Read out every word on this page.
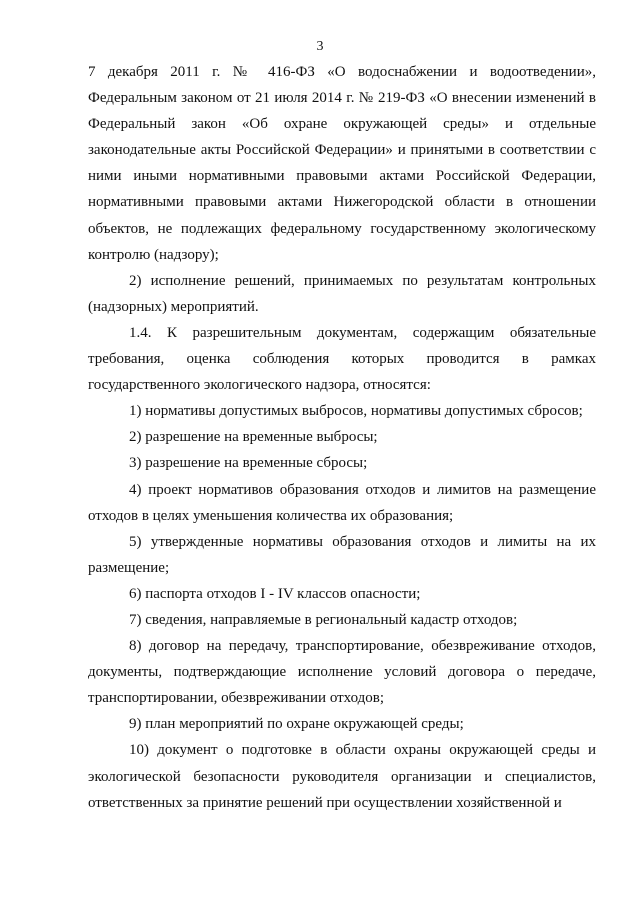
3

7 декабря 2011 г. № 416-ФЗ «О водоснабжении и водоотведении», Федеральным законом от 21 июля 2014 г. № 219-ФЗ «О внесении изменений в Федеральный закон «Об охране окружающей среды» и отдельные законодательные акты Российской Федерации» и принятыми в соответствии с ними иными нормативными правовыми актами Российской Федерации, нормативными правовыми актами Нижегородской области в отношении объектов, не подлежащих федеральному государственному экологическому контролю (надзору);

2) исполнение решений, принимаемых по результатам контрольных (надзорных) мероприятий.

1.4. К разрешительным документам, содержащим обязательные требования, оценка соблюдения которых проводится в рамках государственного экологического надзора, относятся:

1) нормативы допустимых выбросов, нормативы допустимых сбросов;

2) разрешение на временные выбросы;

3) разрешение на временные сбросы;

4) проект нормативов образования отходов и лимитов на размещение отходов в целях уменьшения количества их образования;

5) утвержденные нормативы образования отходов и лимиты на их размещение;

6) паспорта отходов I - IV классов опасности;

7) сведения, направляемые в региональный кадастр отходов;

8) договор на передачу, транспортирование, обезвреживание отходов, документы, подтверждающие исполнение условий договора о передаче, транспортировании, обезвреживании отходов;

9) план мероприятий по охране окружающей среды;

10) документ о подготовке в области охраны окружающей среды и экологической безопасности руководителя организации и специалистов, ответственных за принятие решений при осуществлении хозяйственной и
